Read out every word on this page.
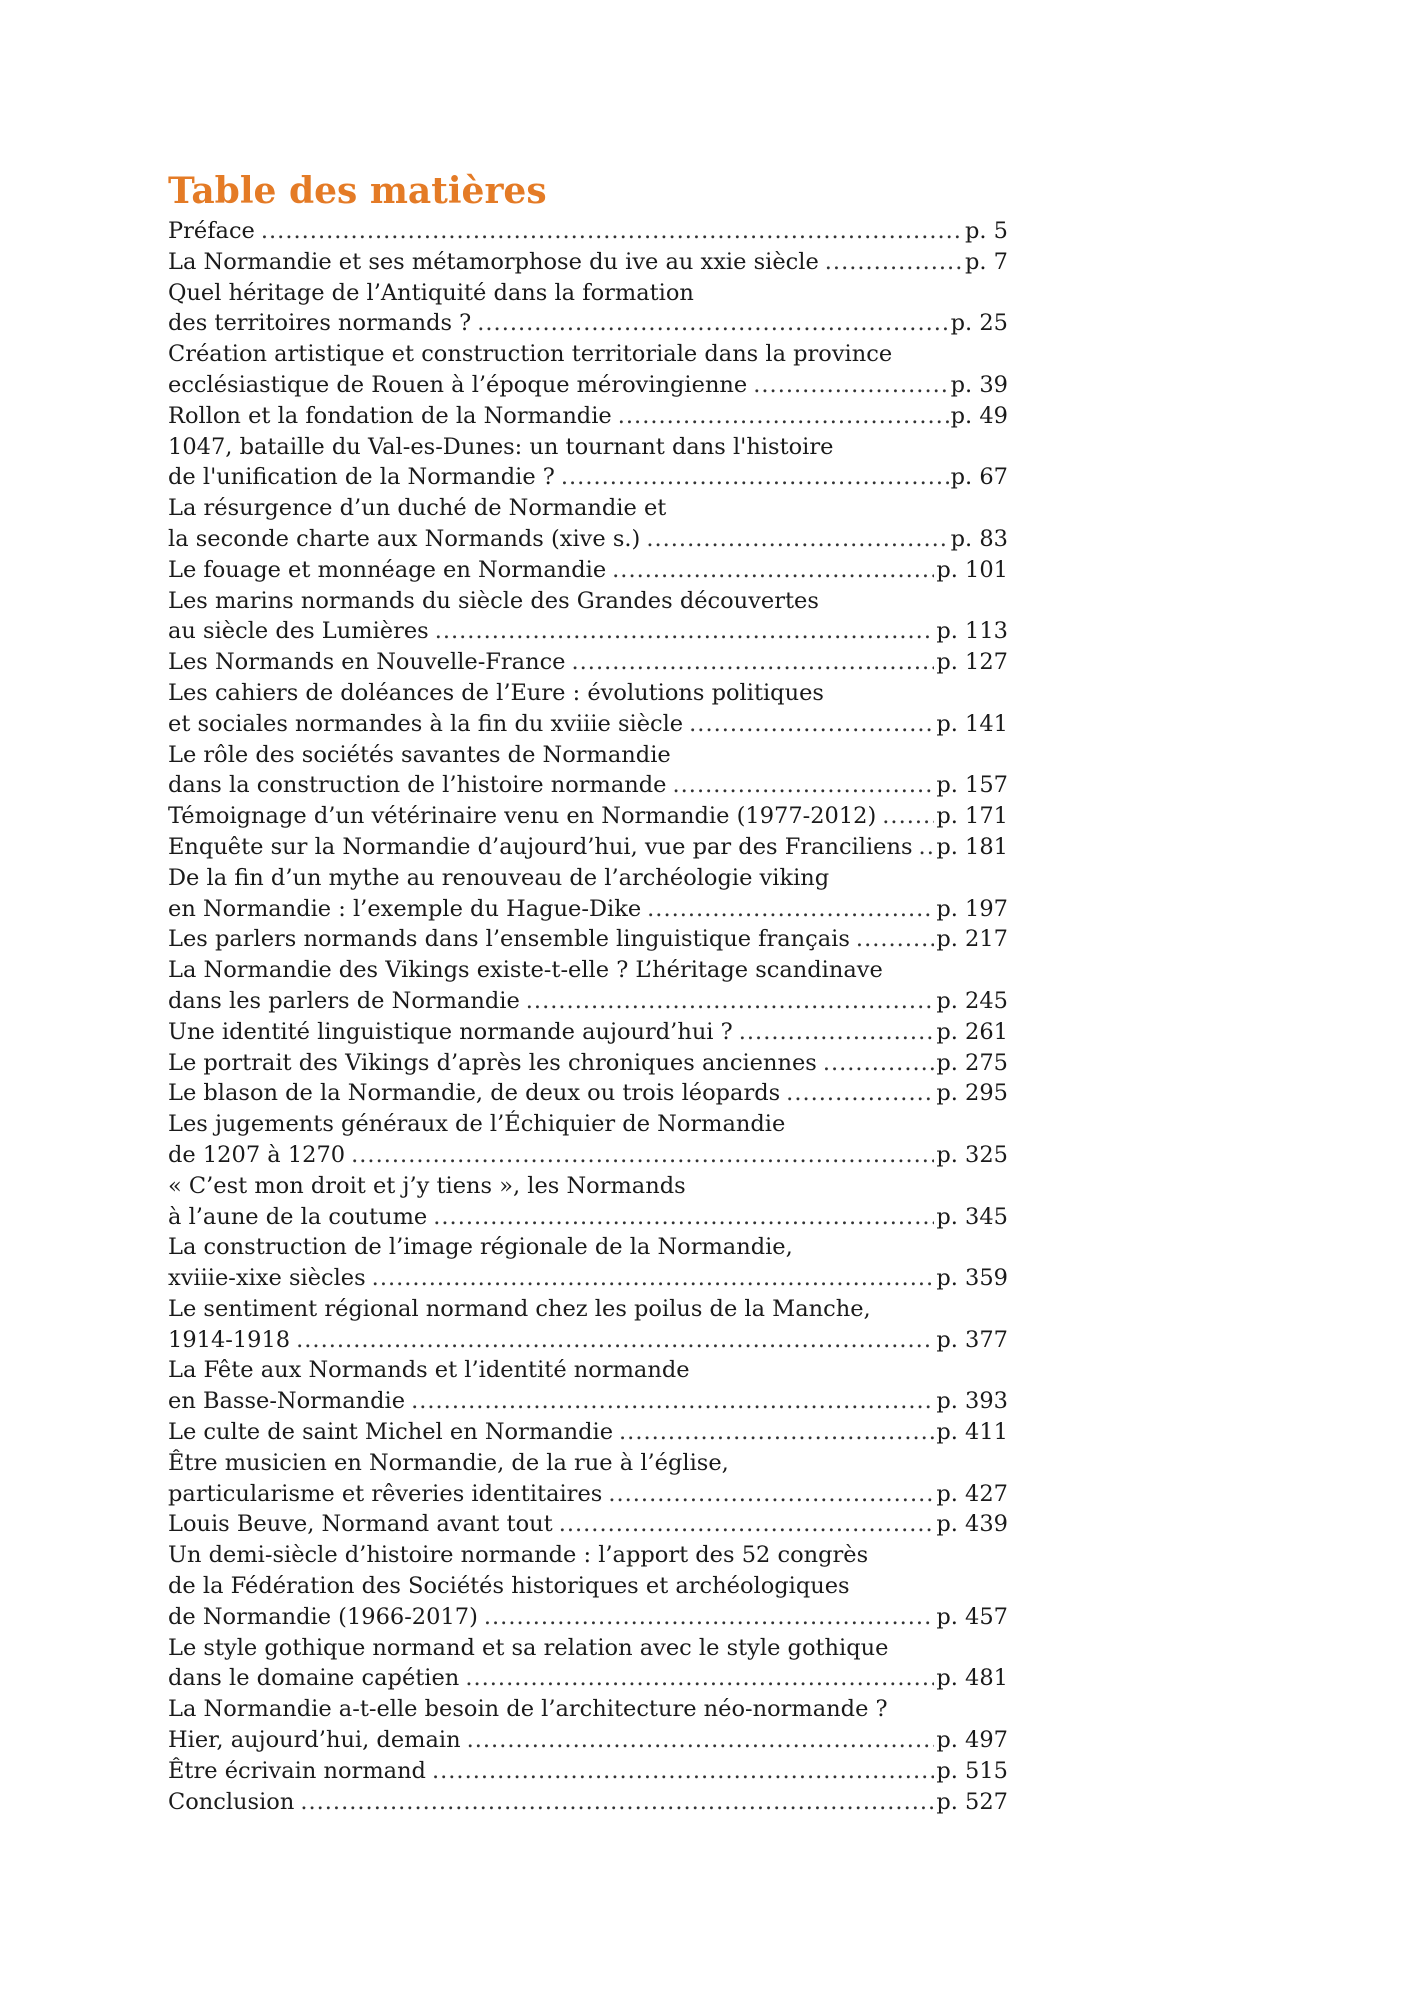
Table des matières
Préface .....	p. 5
La Normandie et ses métamorphose du ive au xxie siècle .....	p. 7
Quel héritage de l’Antiquité dans la formation
des territoires normands ? .....	p. 25
Création artistique et construction territoriale dans la province
ecclésiastique de Rouen à l’époque mérovingienne .....	p. 39
Rollon et la fondation de la Normandie .....	p. 49
1047, bataille du Val-es-Dunes: un tournant dans l'histoire
de l'unification de la Normandie ? .....	p. 67
La résurgence d’un duché de Normandie et
la seconde charte aux Normands (xive s.) .....	p. 83
Le fouage et monnéage en Normandie .....	p. 101
Les marins normands du siècle des Grandes découvertes
au siècle des Lumières .....	p. 113
Les Normands en Nouvelle-France .....	p. 127
Les cahiers de doléances de l’Eure : évolutions politiques
et sociales normandes à la fin du xviiie siècle .....	p. 141
Le rôle des sociétés savantes de Normandie
dans la construction de l’histoire normande .....	p. 157
Témoignage d’un vétérinaire venu en Normandie (1977-2012) .....	p. 171
Enquête sur la Normandie d’aujourd’hui, vue par des Franciliens ..... p. 181
De la fin d’un mythe au renouveau de l’archéologie viking
en Normandie : l’exemple du Hague-Dike .....	p. 197
Les parlers normands dans l’ensemble linguistique français .....	p. 217
La Normandie des Vikings existe-t-elle ? L’héritage scandinave
dans les parlers de Normandie .....	p. 245
Une identité linguistique normande aujourd’hui ? .....	p. 261
Le portrait des Vikings d’après les chroniques anciennes .....	p. 275
Le blason de la Normandie, de deux ou trois léopards .....	p. 295
Les jugements généraux de l’Échiquier de Normandie
de 1207 à 1270 .....	p. 325
« C’est mon droit et j’y tiens », les Normands
à l’aune de la coutume .....	p. 345
La construction de l’image régionale de la Normandie,
xviiie-xixe siècles .....	p. 359
Le sentiment régional normand chez les poilus de la Manche,
1914-1918 .....	p. 377
La Fête aux Normands et l’identité normande
en Basse-Normandie .....	p. 393
Le culte de saint Michel en Normandie .....	p. 411
Être musicien en Normandie, de la rue à l’église,
particularisme et rêveries identitaires .....	p. 427
Louis Beuve, Normand avant tout .....	p. 439
Un demi-siècle d’histoire normande : l’apport des 52 congrès
de la Fédération des Sociétés historiques et archéologiques
de Normandie (1966-2017) .....	p. 457
Le style gothique normand et sa relation avec le style gothique
dans le domaine capétien .....	p. 481
La Normandie a-t-elle besoin de l’architecture néo-normande ?
Hier, aujourd’hui, demain .....	p. 497
Être écrivain normand .....	p. 515
Conclusion .....	p. 527
